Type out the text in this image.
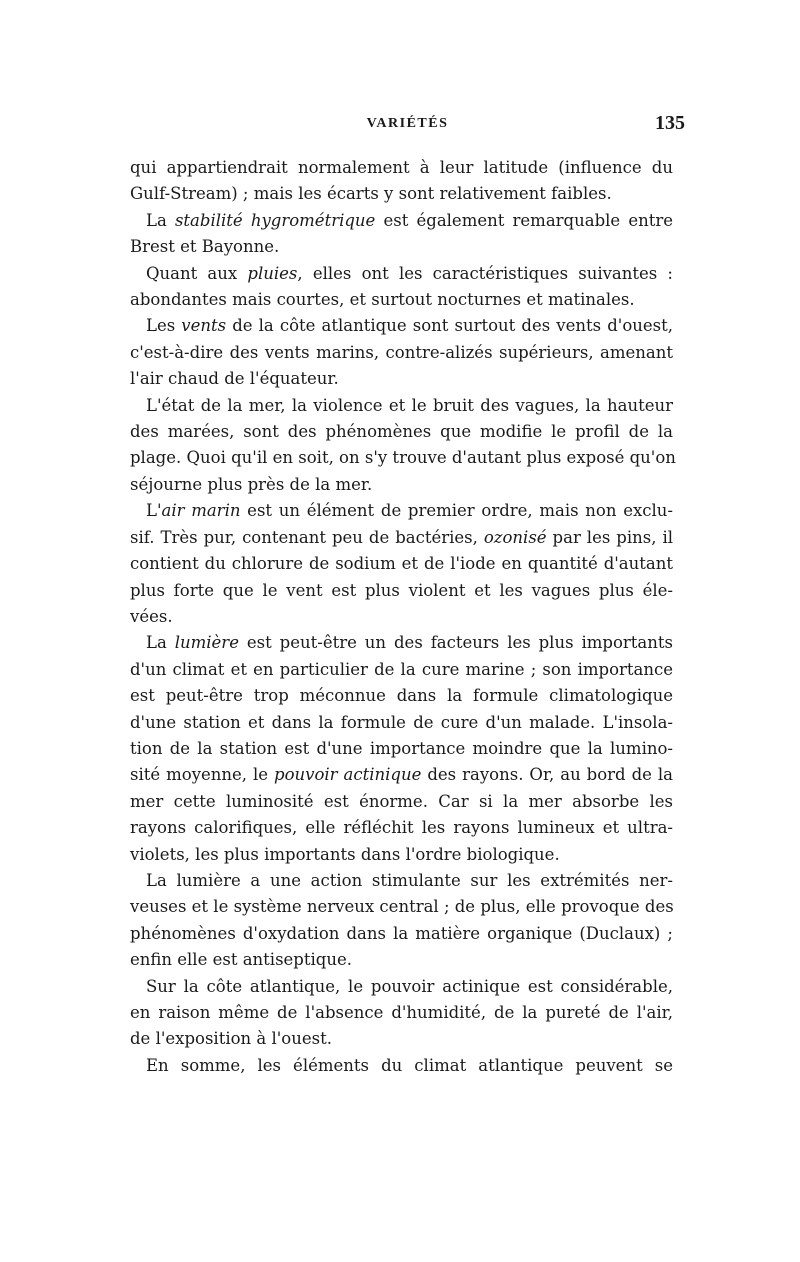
VARIÉTÉS	135
qui appartiendrait normalement à leur latitude (influence du
Gulf-Stream) ; mais les écarts y sont relativement faibles.
La stabilité hygrométrique est également remarquable entre
Brest et Bayonne.
Quant aux pluies, elles ont les caractéristiques suivantes :
abondantes mais courtes, et surtout nocturnes et matinales.
Les vents de la côte atlantique sont surtout des vents d'ouest,
c'est-à-dire des vents marins, contre-alizés supérieurs, amenant
l'air chaud de l'équateur.
L'état de la mer, la violence et le bruit des vagues, la hauteur
des marées, sont des phénomènes que modifie le profil de la
plage. Quoi qu'il en soit, on s'y trouve d'autant plus exposé qu'on
séjourne plus près de la mer.
L'air marin est un élément de premier ordre, mais non exclu-
sif. Très pur, contenant peu de bactéries, ozonisé par les pins, il
contient du chlorure de sodium et de l'iode en quantité d'autant
plus forte que le vent est plus violent et les vagues plus éle-
vées.
La lumière est peut-être un des facteurs les plus importants
d'un climat et en particulier de la cure marine ; son importance
est peut-être trop méconnue dans la formule climatologique
d'une station et dans la formule de cure d'un malade. L'insola-
tion de la station est d'une importance moindre que la lumino-
sité moyenne, le pouvoir actinique des rayons. Or, au bord de la
mer cette luminosité est énorme. Car si la mer absorbe les
rayons calorifiques, elle réfléchit les rayons lumineux et ultra-
violets, les plus importants dans l'ordre biologique.
La lumière a une action stimulante sur les extrémités ner-
veuses et le système nerveux central ; de plus, elle provoque des
phénomènes d'oxydation dans la matière organique (Duclaux) ;
enfin elle est antiseptique.
Sur la côte atlantique, le pouvoir actinique est considérable,
en raison même de l'absence d'humidité, de la pureté de l'air,
de l'exposition à l'ouest.
En somme, les éléments du climat atlantique peuvent se
